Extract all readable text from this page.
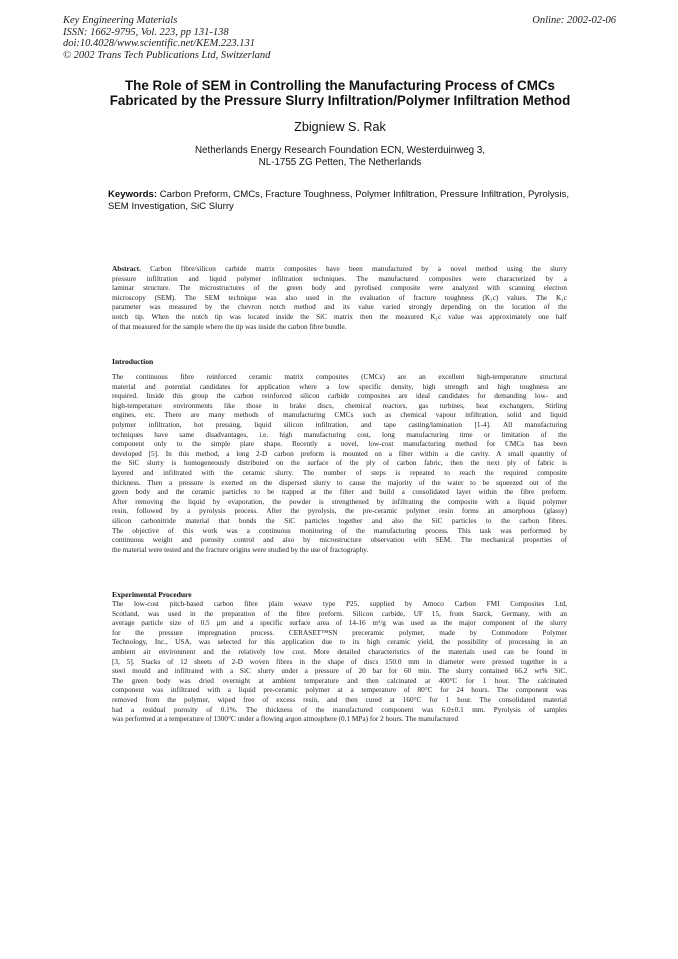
Key Engineering Materials
ISSN: 1662-9795, Vol. 223, pp 131-138
doi:10.4028/www.scientific.net/KEM.223.131
© 2002 Trans Tech Publications Ltd, Switzerland
Online: 2002-02-06
The Role of SEM in Controlling the Manufacturing Process of CMCs
Fabricated by the Pressure Slurry Infiltration/Polymer Infiltration Method
Zbigniew S. Rak
Netherlands Energy Research Foundation ECN, Westerduinweg 3,
NL-1755 ZG Petten, The Netherlands
Keywords: Carbon Preform, CMCs, Fracture Toughness, Polymer Infiltration, Pressure Infiltration, Pyrolysis, SEM Investigation, SiC Slurry
Abstract. Carbon fibre/silicon carbide matrix composites have been manufactured by a novel method using the slurry
pressure infiltration and liquid polymer infiltration techniques. The manufactured composites were characterized by a
laminar structure. The microstructures of the green body and pyrolised composite were analyzed with scanning electron
microscopy (SEM). The SEM technique was also used in the evaluation of fracture toughness (K₁c) values. The K₁c
parameter was measured by the chevron notch method and its value varied strongly depending on the location of the
notch tip. When the notch tip was located inside the SiC matrix then the measured K₁c value was approximately one half
of that measured for the sample where the tip was inside the carbon fibre bundle.
Introduction
The continuous fibre reinforced ceramic matrix composites (CMCs) are an excellent high-temperature structural
material and potential candidates for application where a low specific density, high strength and high toughness are
required. Inside this group the carbon reinforced silicon carbide composites are ideal candidates for demanding low- and
high-temperature environments like those in brake discs, chemical reactors, gas turbines, heat exchangers, Stirling
engines, etc. There are many methods of manufacturing CMCs such as chemical vapour infiltration, solid and liquid
polymer infiltration, hot pressing, liquid silicon infiltration, and tape casting/lamination [1-4]. All manufacturing
techniques have same disadvantages, i.e. high manufacturing cost, long manufacturing time or limitation of the
component only to the simple plate shape. Recently a novel, low-cost manufacturing method for CMCs has been
developed [5]. In this method, a long 2-D carbon preform is mounted on a filter within a die cavity. A small quantity of
the SiC slurry is homogeneously distributed on the surface of the ply of carbon fabric, then the next ply of fabric is
layered and infiltrated with the ceramic slurry. The number of steps is repeated to reach the required composite
thickness. Then a pressure is exerted on the dispersed slurry to cause the majority of the water to be squeezed out of the
green body and the ceramic particles to be trapped at the filter and build a consolidated layer within the fibre preform.
After removing the liquid by evaporation, the powder is strengthened by infiltrating the composite with a liquid polymer
resin, followed by a pyrolysis process. After the pyrolysis, the pre-ceramic polymer resin forms an amorphous (glassy)
silicon carbonitride material that bonds the SiC particles together and also the SiC particles to the carbon fibres.
The objective of this work was a continuous monitoring of the manufacturing process. This task was performed by
continuous weight and porosity control and also by microstructure observation with SEM. The mechanical properties of
the material were tested and the fracture origins were studied by the use of fractography.
Experimental Procedure
The low-cost pitch-based carbon fibre plain weave type P25, supplied by Amoco Carbon FMI Composites Ltd,
Scotland, was used in the preparation of the fibre preform. Silicon carbide, UF 15, from Starck, Germany, with an
average particle size of 0.5 µm and a specific surface area of 14-16 m²/g was used as the major component of the slurry
for the pressure impregnation process. CERASET™SN preceramic polymer, made by Commodore Polymer
Technology, Inc., USA, was selected for this application due to its high ceramic yield, the possibility of processing in an
ambient air environment and the relatively low cost. More detailed characteristics of the materials used can be found in
[3, 5]. Stacks of 12 sheets of 2-D woven fibres in the shape of discs 150.0 mm in diameter were pressed together in a
steel mould and infiltrated with a SiC slurry under a pressure of 20 bar for 60 min. The slurry contained 66.2 wt% SiC.
The green body was dried overnight at ambient temperature and then calcinated at 400°C for 1 hour. The calcinated
component was infiltrated with a liquid pre-ceramic polymer at a temperature of 80°C for 24 hours. The component was
removed from the polymer, wiped free of excess resin, and then cured at 160°C for 1 hour. The consolidated material
had a residual porosity of 0.1%. The thickness of the manufactured component was 6.0±0.1 mm. Pyrolysis of samples
was performed at a temperature of 1300°C under a flowing argon atmosphere (0.1 MPa) for 2 hours. The manufactured
